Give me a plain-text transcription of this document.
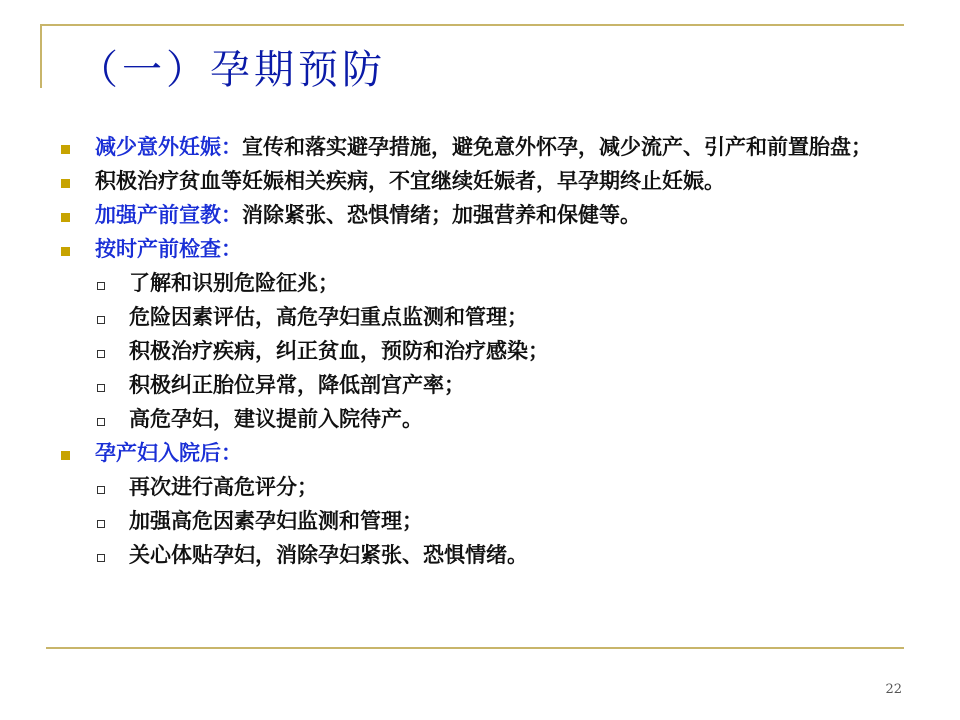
（一）孕期预防
减少意外妊娠：宣传和落实避孕措施，避免意外怀孕，减少流产、引产和前置胎盘；
积极治疗贫血等妊娠相关疾病，不宜继续妊娠者，早孕期终止妊娠。
加强产前宣教：消除紧张、恐惧情绪；加强营养和保健等。
按时产前检查：
了解和识别危险征兆；
危险因素评估，高危孕妇重点监测和管理；
积极治疗疾病，纠正贫血，预防和治疗感染；
积极纠正胎位异常，降低剖宫产率；
高危孕妇，建议提前入院待产。
孕产妇入院后：
再次进行高危评分；
加强高危因素孕妇监测和管理；
关心体贴孕妇，消除孕妇紧张、恐惧情绪。
22
